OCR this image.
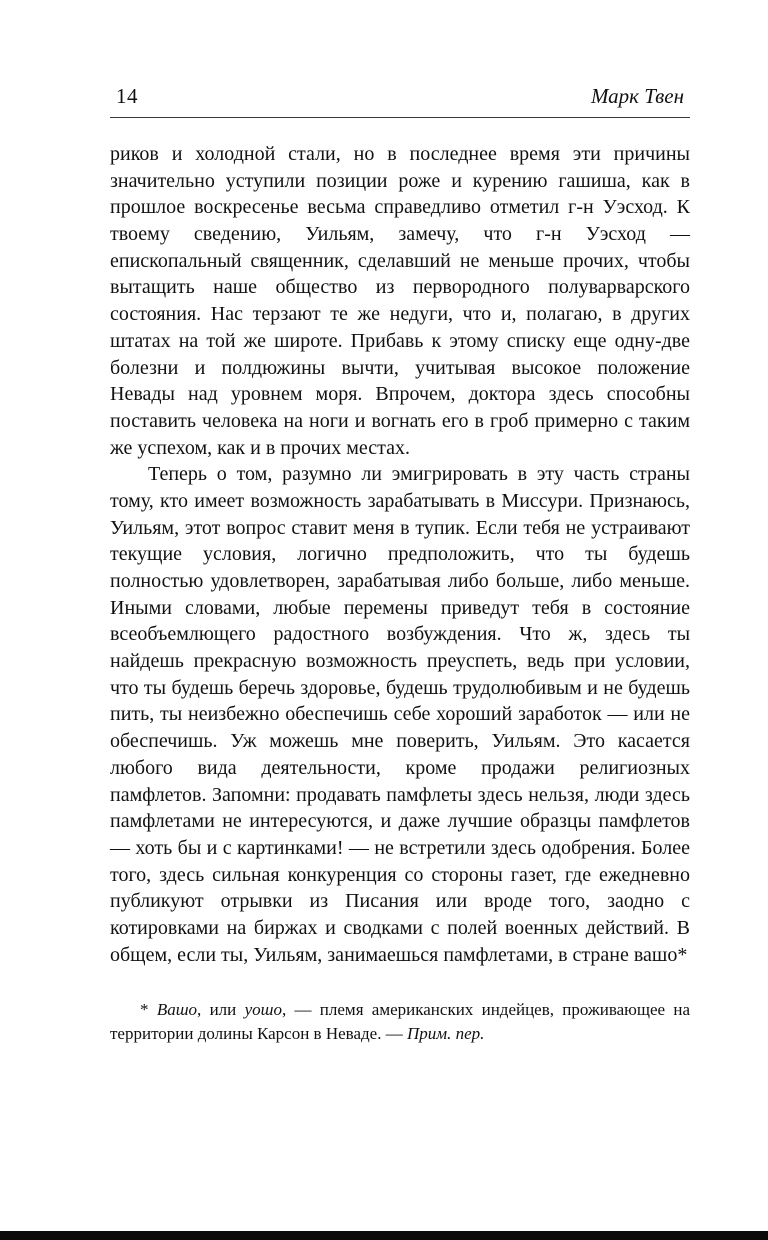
14	Марк Твен

риков и холодной стали, но в последнее время эти причины значительно уступили позиции роже и курению гашиша, как в прошлое воскресенье весьма справедливо отметил г-н Уэсход. К твоему сведению, Уильям, замечу, что г-н Уэсход — епископальный священник, сделавший не меньше прочих, чтобы вытащить наше общество из первородного полуварварского состояния. Нас терзают те же недуги, что и, полагаю, в других штатах на той же широте. Прибавь к этому списку еще одну-две болезни и полдюжины вычти, учитывая высокое положение Невады над уровнем моря. Впрочем, доктора здесь способны поставить человека на ноги и вогнать его в гроб примерно с таким же успехом, как и в прочих местах.

Теперь о том, разумно ли эмигрировать в эту часть страны тому, кто имеет возможность зарабатывать в Миссури. Признаюсь, Уильям, этот вопрос ставит меня в тупик. Если тебя не устраивают текущие условия, логично предположить, что ты будешь полностью удовлетворен, зарабатывая либо больше, либо меньше. Иными словами, любые перемены приведут тебя в состояние всеобъемлющего радостного возбуждения. Что ж, здесь ты найдешь прекрасную возможность преуспеть, ведь при условии, что ты будешь беречь здоровье, будешь трудолюбивым и не будешь пить, ты неизбежно обеспечишь себе хороший заработок — или не обеспечишь. Уж можешь мне поверить, Уильям. Это касается любого вида деятельности, кроме продажи религиозных памфлетов. Запомни: продавать памфлеты здесь нельзя, люди здесь памфлетами не интересуются, и даже лучшие образцы памфлетов — хоть бы и с картинками! — не встретили здесь одобрения. Более того, здесь сильная конкуренция со стороны газет, где ежедневно публикуют отрывки из Писания или вроде того, заодно с котировками на биржах и сводками с полей военных действий. В общем, если ты, Уильям, занимаешься памфлетами, в стране вашо*

* Вашо, или уошо, — племя американских индейцев, проживающее на территории долины Карсон в Неваде. — Прим. пер.
